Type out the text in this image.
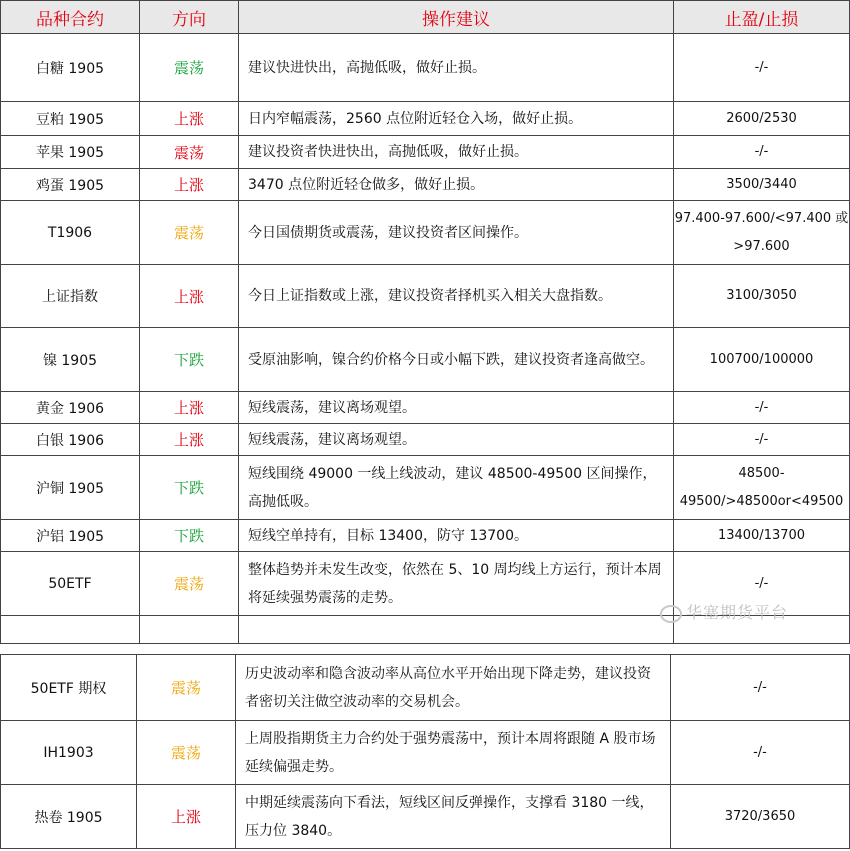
品种合约	方向	操作建议	止盈/止损
白糖 1905	震荡	建议快进快出，高抛低吸，做好止损。	-/-
豆粕 1905	上涨	日内窄幅震荡，2560 点位附近轻仓入场，做好止损。	2600/2530
苹果 1905	震荡	建议投资者快进快出，高抛低吸，做好止损。	-/-
鸡蛋 1905	上涨	3470 点位附近轻仓做多，做好止损。	3500/3440
T1906	震荡	今日国债期货或震荡，建议投资者区间操作。	97.400-97.600/<97.400 或>97.600
上证指数	上涨	今日上证指数或上涨，建议投资者择机买入相关大盘指数。	3100/3050
镍 1905	下跌	受原油影响，镍合约价格今日或小幅下跌，建议投资者逢高做空。	100700/100000
黄金 1906	上涨	短线震荡，建议离场观望。	-/-
白银 1906	上涨	短线震荡，建议离场观望。	-/-
沪铜 1905	下跌	短线围绕 49000 一线上线波动，建议 48500-49500 区间操作，高抛低吸。	48500-49500/>48500or<49500
沪铝 1905	下跌	短线空单持有，目标 13400，防守 13700。	13400/13700
50ETF	震荡	整体趋势并未发生改变，依然在 5、10 周均线上方运行，预计本周将延续强势震荡的走势。	-/-

华塞期货平台
50ETF 期权	震荡	历史波动率和隐含波动率从高位水平开始出现下降走势，建议投资者密切关注做空波动率的交易机会。	-/-
IH1903	震荡	上周股指期货主力合约处于强势震荡中，预计本周将跟随 A 股市场延续偏强走势。	-/-
热卷 1905	上涨	中期延续震荡向下看法，短线区间反弹操作，支撑看 3180 一线，压力位 3840。	3720/3650
